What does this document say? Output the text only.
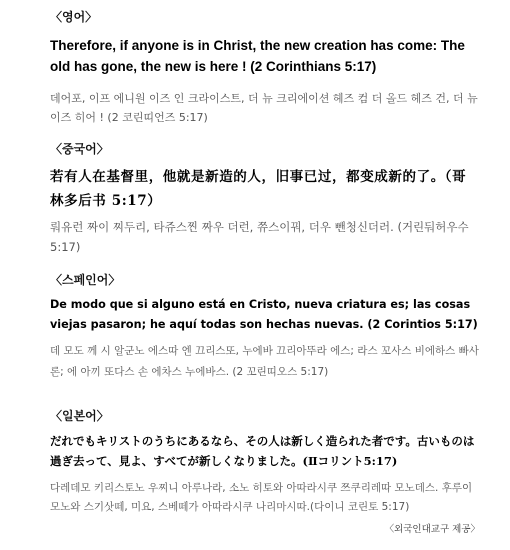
〈영어〉
Therefore, if anyone is in Christ, the new creation has come: The old has gone, the new is here ! (2 Corinthians 5:17)
데어포, 이프 에니원 이즈 인 크라이스트, 더 뉴 크리에이션 헤즈 컴 더 올드 헤즈 건, 더 뉴 이즈 히어 ! (2 코린띠언즈 5:17)
〈중국어〉
若有人在基督里，他就是新造的人，旧事已过，都变成新的了。（哥林多后书 5:17）
뤄유런 짜이 찌두리, 타쥬스찐 짜우 더런, 쮸스이꿔, 더우 뺀청신더러. (거린둬허우수 5:17)
〈스페인어〉
De modo que si alguno está en Cristo, nueva criatura es; las cosas viejas pasaron; he aquí todas son hechas nuevas. (2 Corintios 5:17)
데 모도 께 시 알군노 에스따 엔 끄리스또, 누에바 끄리아뚜라 에스; 라스 꼬사스 비에하스 빠사론; 에 아끼 또다스 손 에차스 누에바스. (2 꼬린띠오스 5:17)
〈일본어〉
だれでもキリストのうちにあるなら、その人は新しく造られた者です。古いものは過ぎ去って、見よ、すべてが新しくなりました。(Ⅱコリント5:17)
다레데모 키리스토노 우찌니 아루나라, 소노 히토와 아따라시쿠 쯔쿠리레따 모노데스. 후루이모노와 스기삿떼, 미요, 스베떼가 아따라시쿠 나리마시따.(다이니 코린토 5:17)
〈외국인대교구 제공〉
